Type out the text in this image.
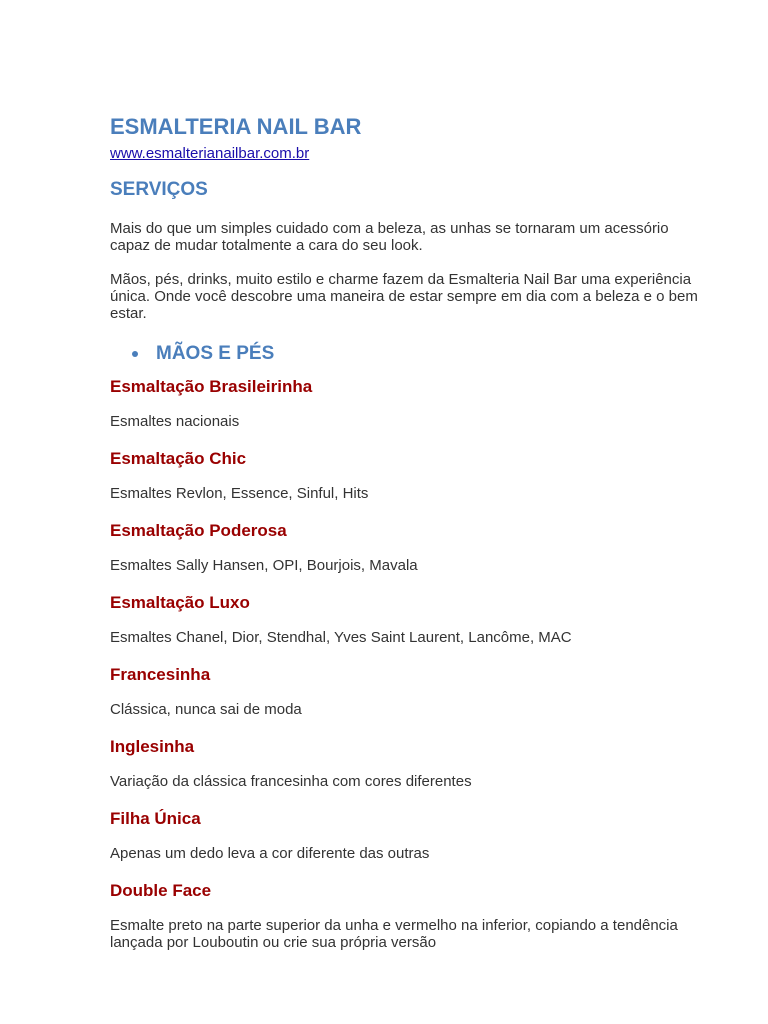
ESMALTERIA NAIL BAR
www.esmalterianailbar.com.br
SERVIÇOS

Mais do que um simples cuidado com a beleza, as unhas se tornaram um acessório capaz de mudar totalmente a cara do seu look.

Mãos, pés, drinks, muito estilo e charme fazem da Esmalteria Nail Bar uma experiência única. Onde você descobre uma maneira de estar sempre em dia com a beleza e o bem estar.

MÃOS E PÉS

Esmaltação Brasileirinha

Esmaltes nacionais

Esmaltação Chic

Esmaltes Revlon, Essence, Sinful, Hits

Esmaltação Poderosa

Esmaltes Sally Hansen, OPI, Bourjois, Mavala

Esmaltação Luxo

Esmaltes Chanel, Dior, Stendhal, Yves Saint Laurent, Lancôme, MAC

Francesinha

Clássica, nunca sai de moda

Inglesinha

Variação da clássica francesinha com cores diferentes

Filha Única

Apenas um dedo leva a cor diferente das outras

Double Face

Esmalte preto na parte superior da unha e vermelho na inferior, copiando a tendência lançada por Louboutin ou crie sua própria versão
